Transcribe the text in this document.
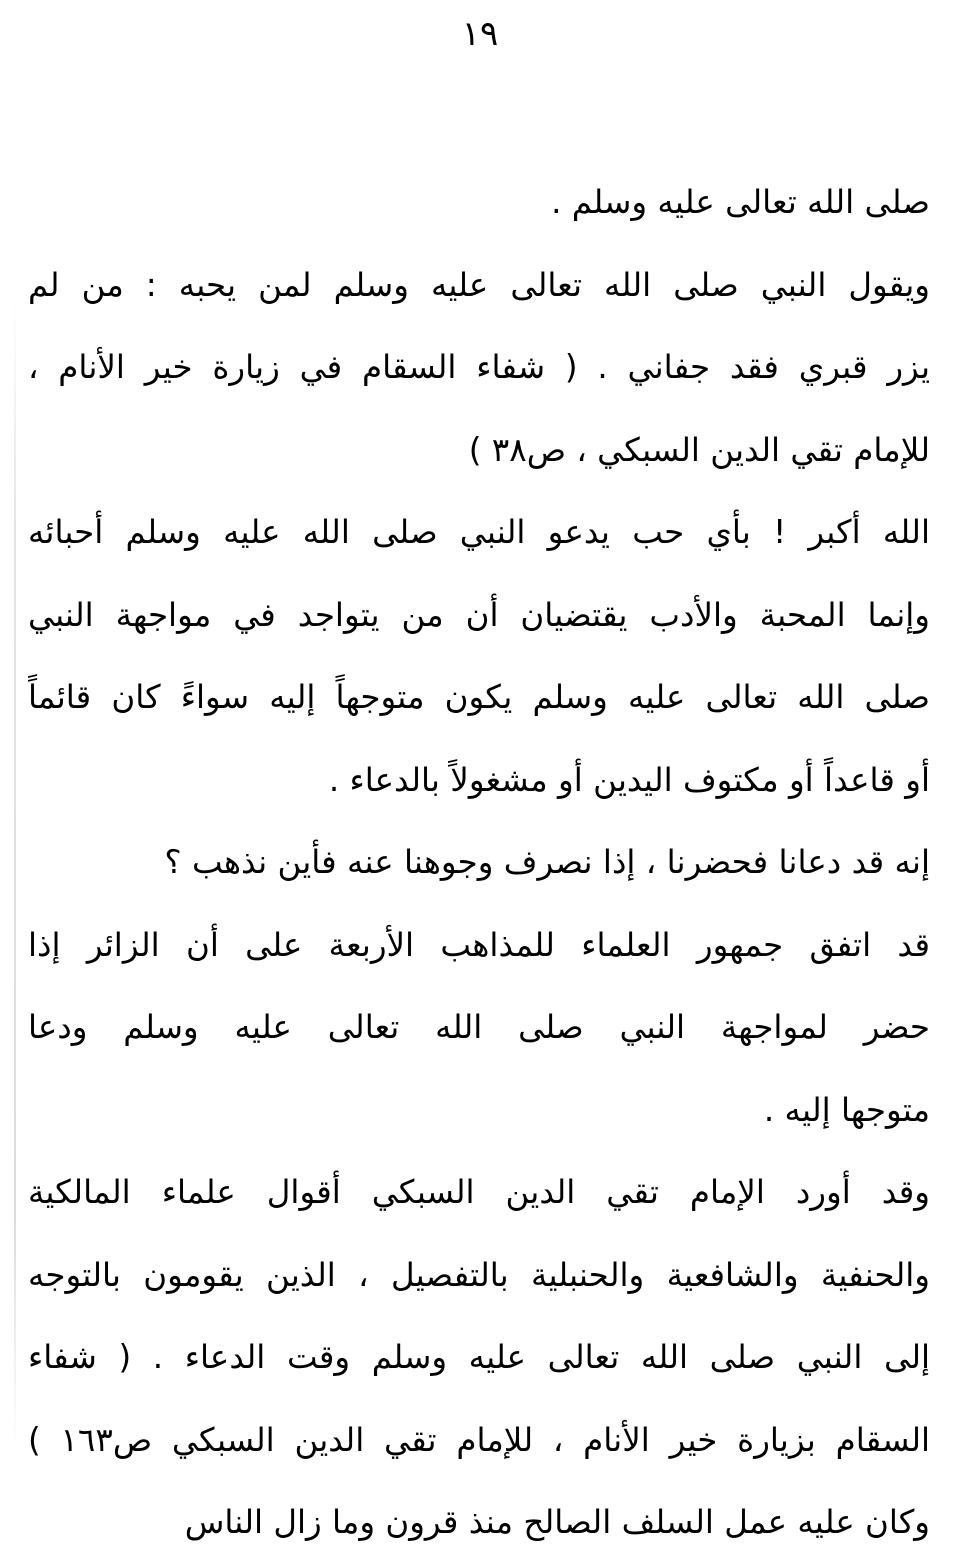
١٩
صلى الله تعالى عليه وسلم .
ويقول النبي صلى الله تعالى عليه وسلم لمن يحبه : من لم
يزر قبري فقد جفاني . ( شفاء السقام في زيارة خير الأنام ،
للإمام تقي الدين السبكي ، ص٣٨ )
الله أكبر ! بأي حب يدعو النبي صلى الله عليه وسلم أحبائه
وإنما المحبة والأدب يقتضيان أن من يتواجد في مواجهة النبي
صلى الله تعالى عليه وسلم يكون متوجهاً إليه سواءً كان قائماً
أو قاعداً أو مكتوف اليدين أو مشغولاً بالدعاء .
إنه قد دعانا فحضرنا ، إذا نصرف وجوهنا عنه فأين نذهب ؟
قد اتفق جمهور العلماء للمذاهب الأربعة على أن الزائر إذا
حضر لمواجهة النبي صلى الله تعالى عليه وسلم ودعا
متوجها إليه .
وقد أورد الإمام تقي الدين السبكي أقوال علماء المالكية
والحنفية والشافعية والحنبلية بالتفصيل ، الذين يقومون بالتوجه
إلى النبي صلى الله تعالى عليه وسلم وقت الدعاء . ( شفاء
السقام بزيارة خير الأنام ، للإمام تقي الدين السبكي ص١٦٣ )
وكان عليه عمل السلف الصالح منذ قرون وما زال الناس
